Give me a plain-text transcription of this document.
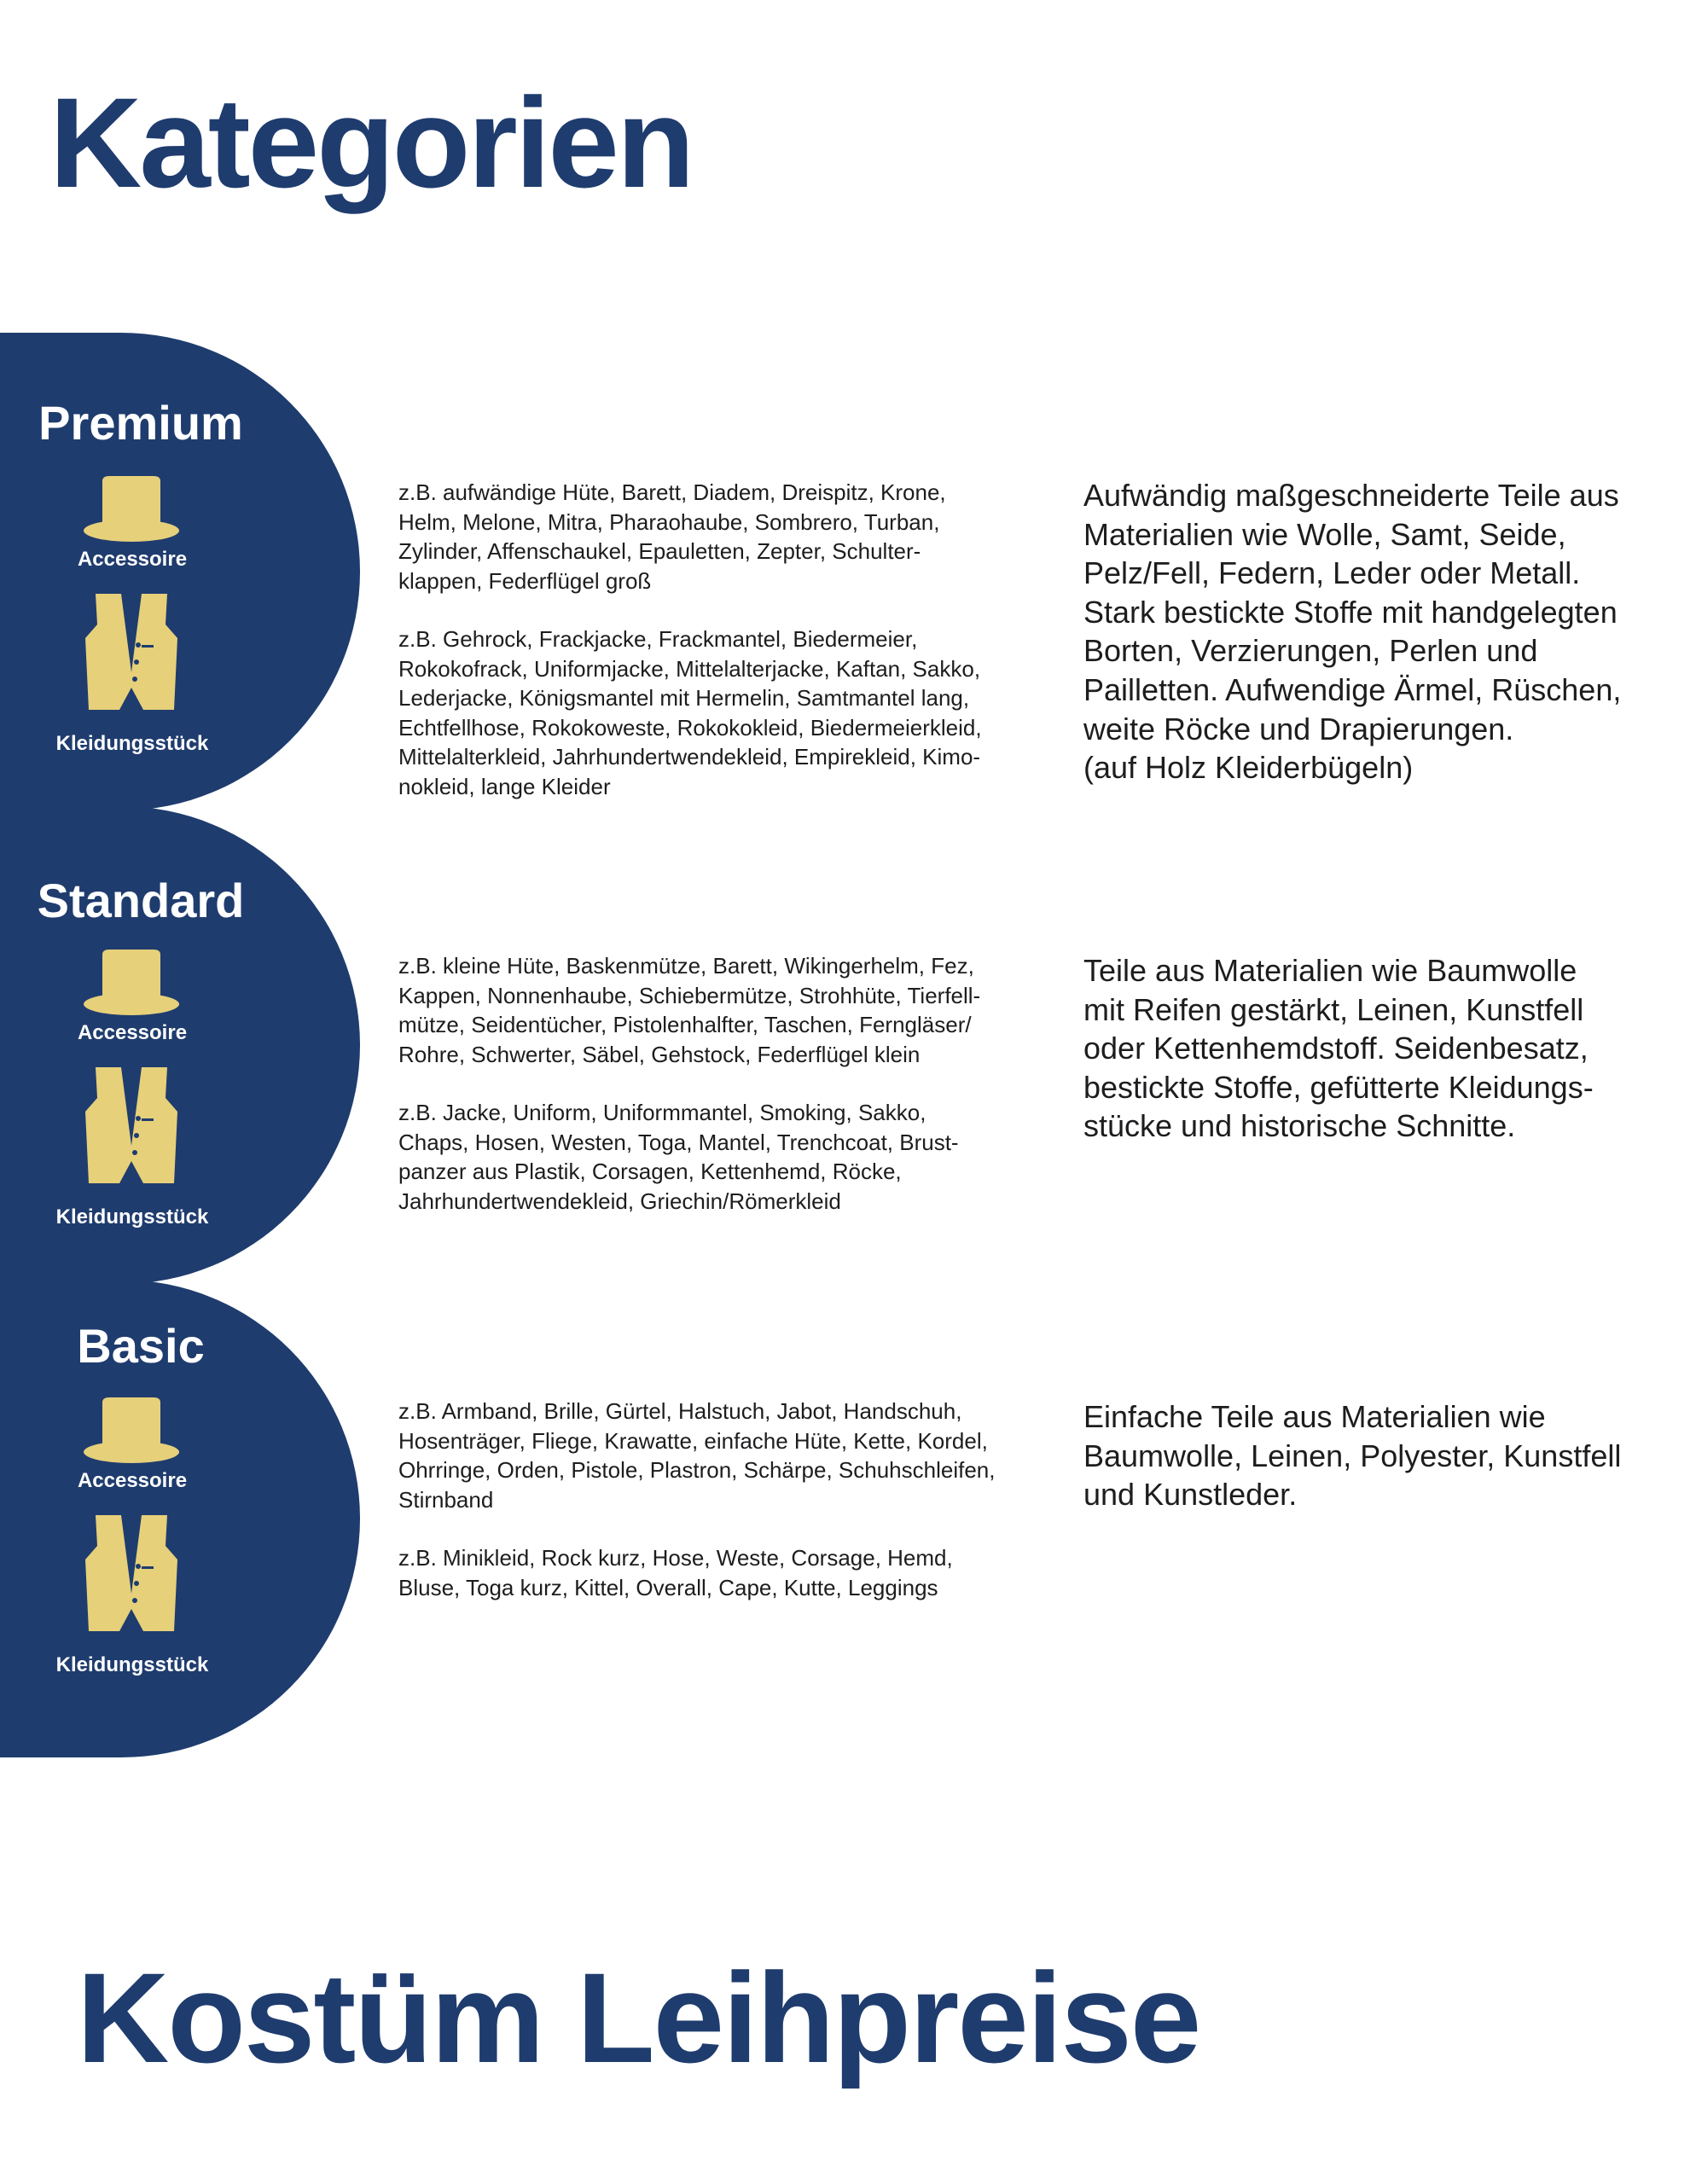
Kategorien
Premium
Accessoire
Kleidungsstück

z.B. aufwändige Hüte, Barett, Diadem, Dreispitz, Krone,
Helm, Melone, Mitra, Pharaohaube, Sombrero, Turban,
Zylinder, Affenschaukel, Epauletten, Zepter, Schulter-
klappen, Federflügel groß

z.B. Gehrock, Frackjacke, Frackmantel, Biedermeier,
Rokokofrack, Uniformjacke, Mittelalterjacke, Kaftan, Sakko,
Lederjacke, Königsmantel mit Hermelin, Samtmantel lang,
Echtfellhose, Rokokoweste, Rokokokleid, Biedermeierkleid,
Mittelalterkleid, Jahrhundertwendekleid, Empirekleid, Kimo-
nokleid, lange Kleider

Aufwändig maßgeschneiderte Teile aus
Materialien wie Wolle, Samt, Seide,
Pelz/Fell, Federn, Leder oder Metall.
Stark bestickte Stoffe mit handgelegten
Borten, Verzierungen, Perlen und
Pailletten. Aufwendige Ärmel, Rüschen,
weite Röcke und Drapierungen.
(auf Holz Kleiderbügeln)
Standard
Accessoire
Kleidungsstück

z.B. kleine Hüte, Baskenmütze, Barett, Wikingerhelm, Fez,
Kappen, Nonnenhaube, Schiebermütze, Strohhüte, Tierfell-
mütze, Seidentücher, Pistolenhalfter, Taschen, Ferngläser/
Rohre, Schwerter, Säbel, Gehstock, Federflügel klein

z.B. Jacke, Uniform, Uniformmantel, Smoking, Sakko,
Chaps, Hosen, Westen, Toga, Mantel, Trenchcoat, Brust-
panzer aus Plastik, Corsagen, Kettenhemd, Röcke,
Jahrhundertwendekleid, Griechin/Römerkleid

Teile aus Materialien wie Baumwolle
mit Reifen gestärkt, Leinen, Kunstfell
oder Kettenhemdstoff. Seidenbesatz,
bestickte Stoffe, gefütterte Kleidungs-
stücke und historische Schnitte.
Basic
Accessoire
Kleidungsstück

z.B. Armband, Brille, Gürtel, Halstuch, Jabot, Handschuh,
Hosenträger, Fliege, Krawatte, einfache Hüte, Kette, Kordel,
Ohrringe, Orden, Pistole, Plastron, Schärpe, Schuhschleifen,
Stirnband

z.B. Minikleid, Rock kurz, Hose, Weste, Corsage, Hemd,
Bluse, Toga kurz, Kittel, Overall, Cape, Kutte, Leggings

Einfache Teile aus Materialien wie
Baumwolle, Leinen, Polyester, Kunstfell
und Kunstleder.
Kostüm Leihpreise
